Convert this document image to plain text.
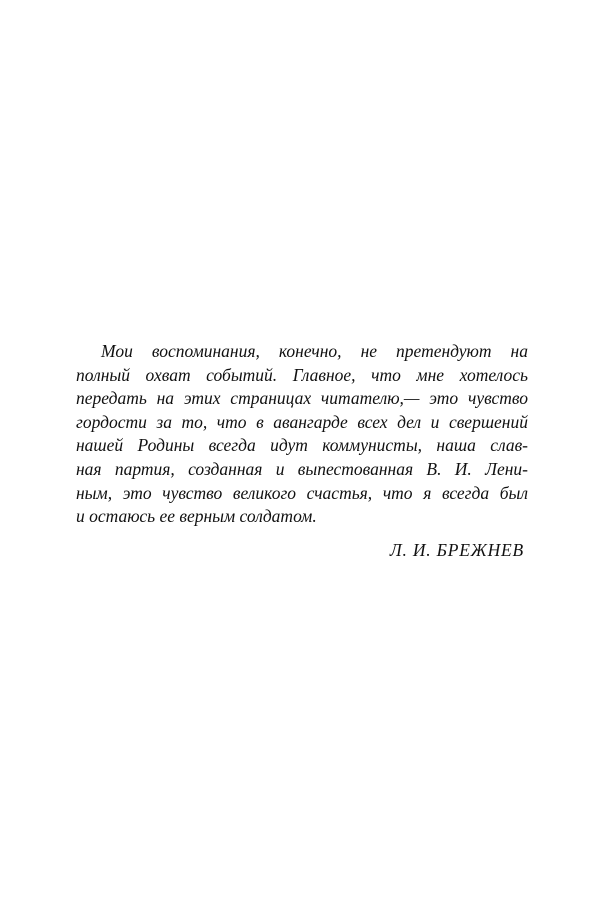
Мои воспоминания, конечно, не претендуют на
полный охват событий. Главное, что мне хотелось
передать на этих страницах читателю,— это чувство
гордости за то, что в авангарде всех дел и свершений
нашей Родины всегда идут коммунисты, наша слав-
ная партия, созданная и выпестованная В. И. Лени-
ным, это чувство великого счастья, что я всегда был
и остаюсь ее верным солдатом.
Л. И. БРЕЖНЕВ
